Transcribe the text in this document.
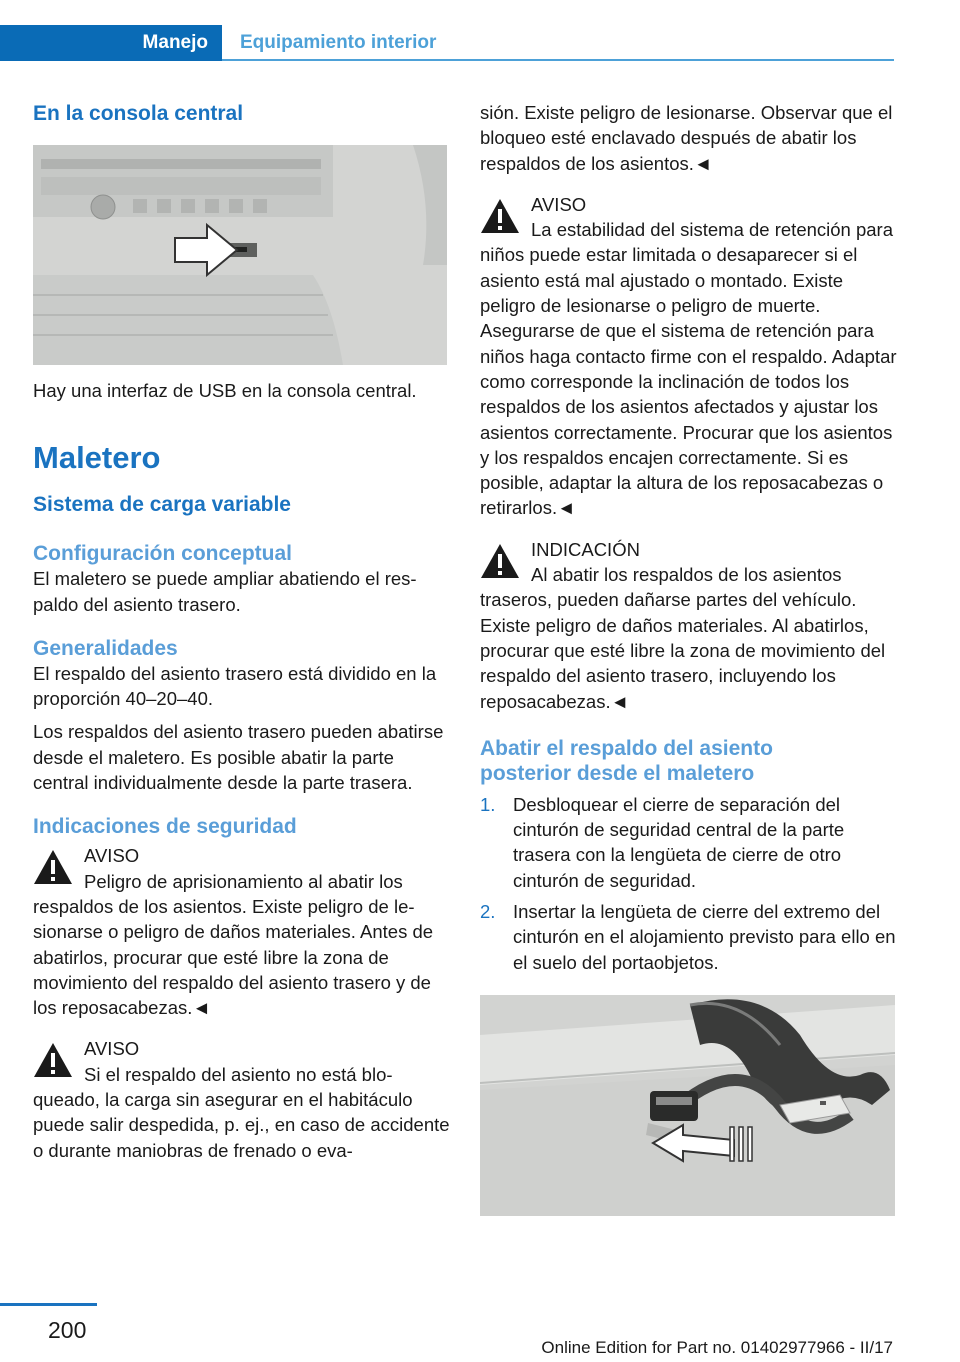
Manejo Equipamiento interior
En la consola central

Hay una interfaz de USB en la consola central.

Maletero
Sistema de carga variable
Configuración conceptual

El maletero se puede ampliar abatiendo el respaldo del asiento trasero.

Generalidades

El respaldo del asiento trasero está dividido en la proporción 40–20–40.

Los respaldos del asiento trasero pueden abatirse desde el maletero. Es posible abatir la parte central individualmente desde la parte trasera.

Indicaciones de seguridad
AVISO

Peligro de aprisionamiento al abatir los respaldos de los asientos. Existe peligro de lesionarse o peligro de daños materiales. Antes de abatirlos, procurar que esté libre la zona de movimiento del respaldo del asiento trasero y de los reposacabezas.◄

AVISO

Si el respaldo del asiento no está bloqueado, la carga sin asegurar en el habitáculo puede salir despedida, p. ej., en caso de accidente o durante maniobras de frenado o eva-

sión. Existe peligro de lesionarse. Observar que el bloqueo esté enclavado después de abatir los respaldos de los asientos.◄

AVISO

La estabilidad del sistema de retención para niños puede estar limitada o desaparecer si el asiento está mal ajustado o montado. Existe peligro de lesionarse o peligro de muerte. Asegurarse de que el sistema de retención para niños haga contacto firme con el respaldo. Adaptar como corresponde la inclinación de todos los respaldos de los asientos afectados y ajustar los asientos correctamente. Procurar que los asientos y los respaldos encajen correctamente. Si es posible, adaptar la altura de los reposacabezas o retirarlos.◄

INDICACIÓN

Al abatir los respaldos de los asientos traseros, pueden dañarse partes del vehículo. Existe peligro de daños materiales. Al abatirlos, procurar que esté libre la zona de movimiento del respaldo del asiento trasero, incluyendo los reposacabezas.◄

Abatir el respaldo del asiento posterior desde el maletero
1. Desbloquear el cierre de separación del cinturón de seguridad central de la parte trasera con la lengüeta de cierre de otro cinturón de seguridad.
2. Insertar la lengüeta de cierre del extremo del cinturón en el alojamiento previsto para ello en el suelo del portaobjetos.
200
Online Edition for Part no. 01402977966 - II/17
